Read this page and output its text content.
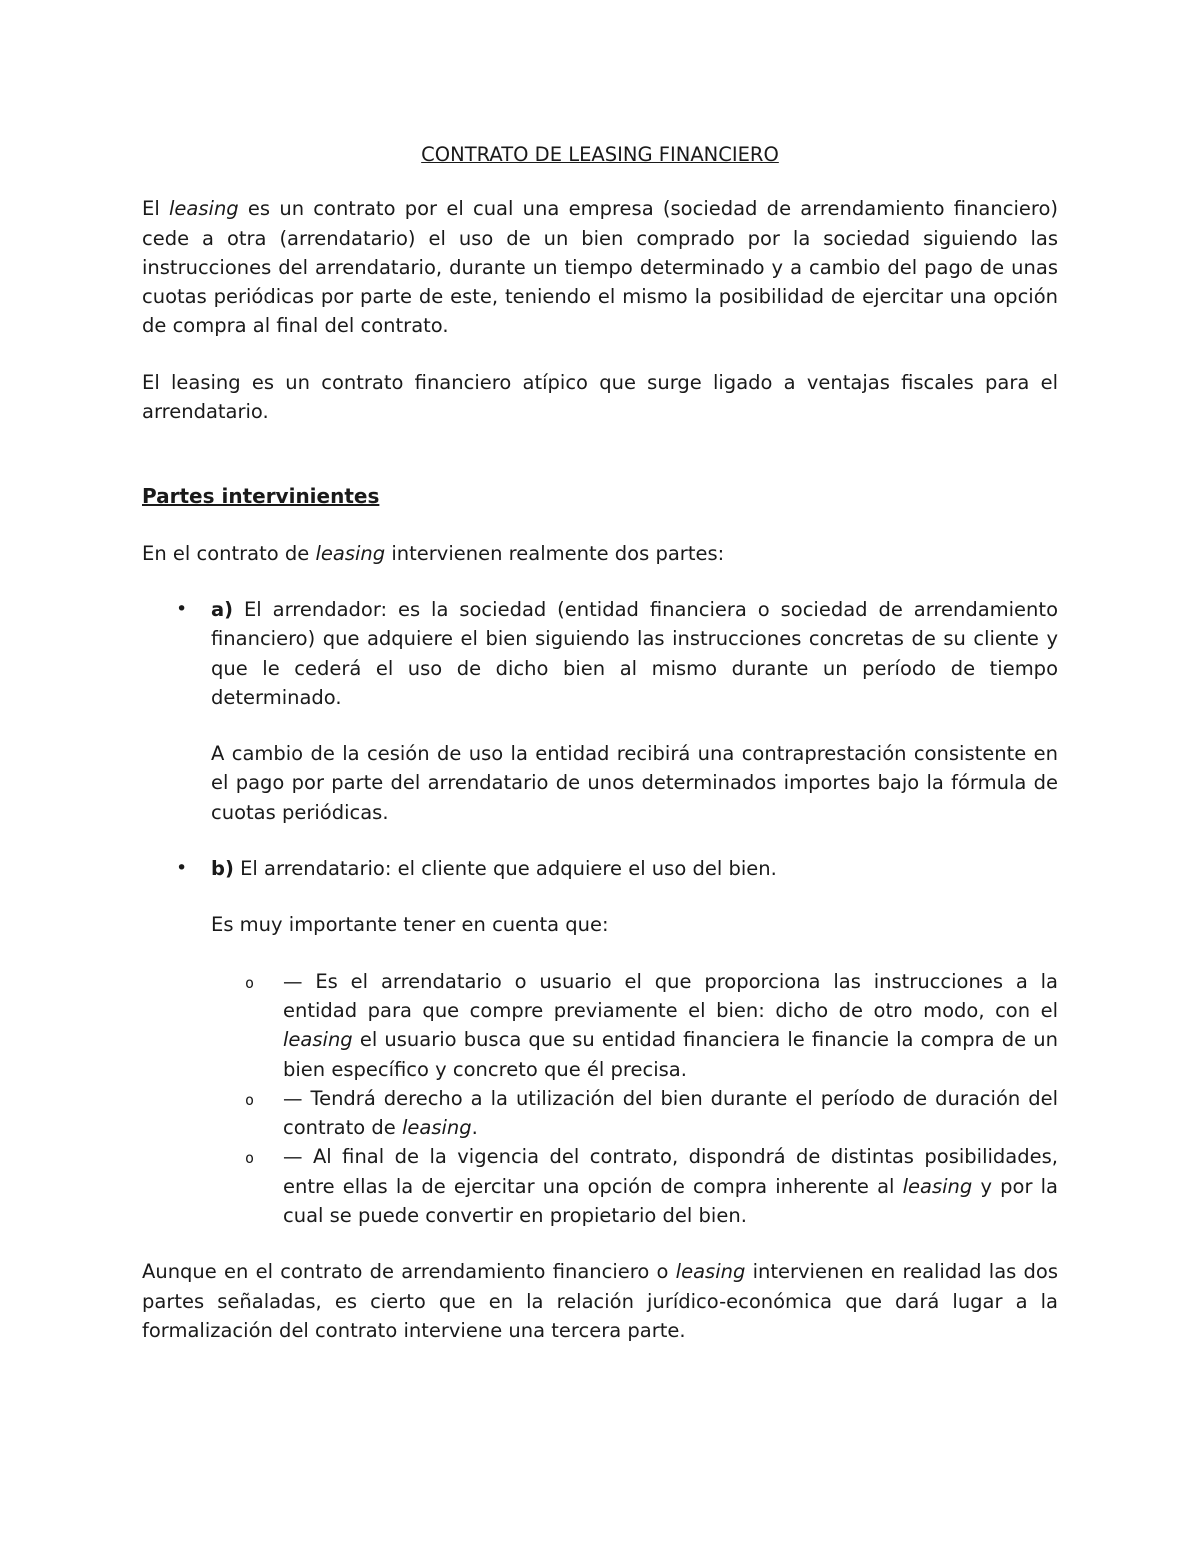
CONTRATO DE LEASING FINANCIERO

El leasing es un contrato por el cual una empresa (sociedad de arrendamiento financiero) cede a otra (arrendatario) el uso de un bien comprado por la sociedad siguiendo las instrucciones del arrendatario, durante un tiempo determinado y a cambio del pago de unas cuotas periódicas por parte de este, teniendo el mismo la posibilidad de ejercitar una opción de compra al final del contrato.

El leasing es un contrato financiero atípico que surge ligado a ventajas fiscales para el arrendatario.

Partes intervinientes

En el contrato de leasing intervienen realmente dos partes:

• a) El arrendador: es la sociedad (entidad financiera o sociedad de arrendamiento financiero) que adquiere el bien siguiendo las instrucciones concretas de su cliente y que le cederá el uso de dicho bien al mismo durante un período de tiempo determinado.

A cambio de la cesión de uso la entidad recibirá una contraprestación consistente en el pago por parte del arrendatario de unos determinados importes bajo la fórmula de cuotas periódicas.

• b) El arrendatario: el cliente que adquiere el uso del bien.

Es muy importante tener en cuenta que:

o — Es el arrendatario o usuario el que proporciona las instrucciones a la entidad para que compre previamente el bien: dicho de otro modo, con el leasing el usuario busca que su entidad financiera le financie la compra de un bien específico y concreto que él precisa.
o — Tendrá derecho a la utilización del bien durante el período de duración del contrato de leasing.
o — Al final de la vigencia del contrato, dispondrá de distintas posibilidades, entre ellas la de ejercitar una opción de compra inherente al leasing y por la cual se puede convertir en propietario del bien.

Aunque en el contrato de arrendamiento financiero o leasing intervienen en realidad las dos partes señaladas, es cierto que en la relación jurídico-económica que dará lugar a la formalización del contrato interviene una tercera parte.
